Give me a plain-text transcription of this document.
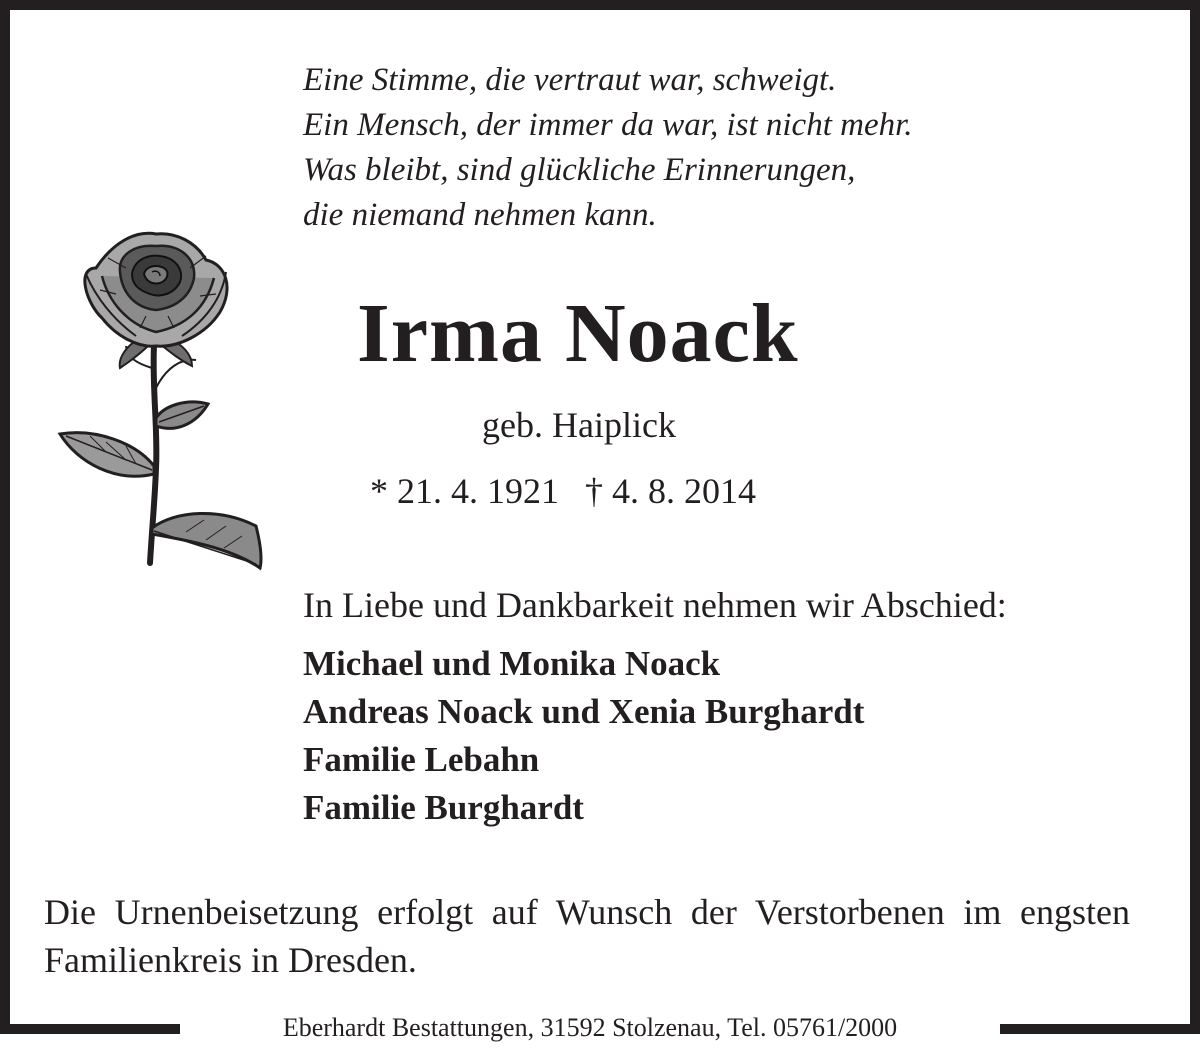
Eine Stimme, die vertraut war, schweigt.
Ein Mensch, der immer da war, ist nicht mehr.
Was bleibt, sind glückliche Erinnerungen,
die niemand nehmen kann.

Irma Noack
geb. Haiplick
* 21. 4. 1921 † 4. 8. 2014
In Liebe und Dankbarkeit nehmen wir Abschied:
Michael und Monika Noack
Andreas Noack und Xenia Burghardt
Familie Lebahn
Familie Burghardt

Die Urnenbeisetzung erfolgt auf Wunsch der Verstorbenen im engsten Familienkreis in Dresden.

Eberhardt Bestattungen, 31592 Stolzenau, Tel. 05761/2000
